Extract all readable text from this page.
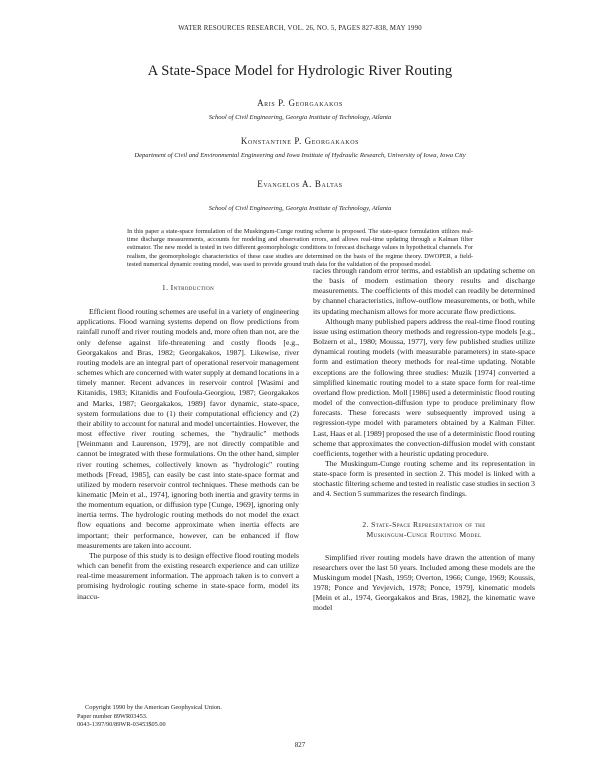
WATER RESOURCES RESEARCH, VOL. 26, NO. 5, PAGES 827-838, MAY 1990
A State-Space Model for Hydrologic River Routing
Aris P. Georgakakos
School of Civil Engineering, Georgia Institute of Technology, Atlanta
Konstantine P. Georgakakos
Department of Civil and Environmental Engineering and Iowa Institute of Hydraulic Research, University of Iowa, Iowa City
Evangelos A. Baltas
School of Civil Engineering, Georgia Institute of Technology, Atlanta

In this paper a state-space formulation of the Muskingum-Cunge routing scheme is proposed. The state-space formulation utilizes real-time discharge measurements, accounts for modeling and observation errors, and allows real-time updating through a Kalman filter estimator. The new model is tested in two different geomorphologic conditions to forecast discharge values in hypothetical channels. For realism, the geomorphologic characteristics of these case studies are determined on the basis of the regime theory. DWOPER, a field-tested numerical dynamic routing model, was used to provide ground truth data for the validation of the proposed model.

1. Introduction

Efficient flood routing schemes are useful in a variety of engineering applications. Flood warning systems depend on flow predictions from rainfall runoff and river routing models and, more often than not, are the only defense against life-threatening and costly floods [e.g., Georgakakos and Bras, 1982; Georgakakos, 1987]. Likewise, river routing models are an integral part of operational reservoir management schemes which are concerned with water supply at demand locations in a timely manner. Recent advances in reservoir control [Wasimi and Kitanidis, 1983; Kitanidis and Foufoula-Georgiou, 1987; Georgakakos and Marks, 1987; Georgakakos, 1989] favor dynamic, state-space, system formulations due to (1) their computational efficiency and (2) their ability to account for natural and model uncertainties. However, the most effective river routing schemes, the "hydraulic" methods [Weinmann and Laurenson, 1979], are not directly compatible and cannot be integrated with these formulations. On the other hand, simpler river routing schemes, collectively known as "hydrologic" routing methods [Fread, 1985], can easily be cast into state-space format and utilized by modern reservoir control techniques. These methods can be kinematic [Mein et al., 1974], ignoring both inertia and gravity terms in the momentum equation, or diffusion type [Cunge, 1969], ignoring only inertia terms. The hydrologic routing methods do not model the exact flow equations and become approximate when inertia effects are important; their performance, however, can be enhanced if flow measurements are taken into account.

The purpose of this study is to design effective flood routing models which can benefit from the existing research experience and can utilize real-time measurement information. The approach taken is to convert a promising hydrologic routing scheme in state-space form, model its inaccu-

Copyright 1990 by the American Geophysical Union.
Paper number 89WR03453.
0043-1397/90/89WR-03453$05.00

racies through random error terms, and establish an updating scheme on the basis of modern estimation theory results and discharge measurements. The coefficients of this model can readily be determined by channel characteristics, inflow-outflow measurements, or both, while its updating mechanism allows for more accurate flow predictions.

Although many published papers address the real-time flood routing issue using estimation theory methods and regression-type models [e.g., Bolzern et al., 1980; Moussa, 1977], very few published studies utilize dynamical routing models (with measurable parameters) in state-space form and estimation theory methods for real-time updating. Notable exceptions are the following three studies: Muzik [1974] converted a simplified kinematic routing model to a state space form for real-time overland flow prediction. Moll [1986] used a deterministic flood routing model of the convection-diffusion type to produce preliminary flow forecasts. These forecasts were subsequently improved using a regression-type model with parameters obtained by a Kalman Filter. Last, Haas et al. [1989] proposed the use of a deterministic flood routing scheme that approximates the convection-diffusion model with constant coefficients, together with a heuristic updating procedure.

The Muskingum-Cunge routing scheme and its representation in state-space form is presented in section 2. This model is linked with a stochastic filtering scheme and tested in realistic case studies in section 3 and 4. Section 5 summarizes the research findings.

2. State-Space Representation of the
Muskingum-Cunge Routing Model

Simplified river routing models have drawn the attention of many researchers over the last 50 years. Included among these models are the Muskingum model [Nash, 1959; Overton, 1966; Cunge, 1969; Koussis, 1978; Ponce and Yevjevich, 1978; Ponce, 1979], kinematic models [Mein et al., 1974, Georgakakos and Bras, 1982], the kinematic wave model

827
